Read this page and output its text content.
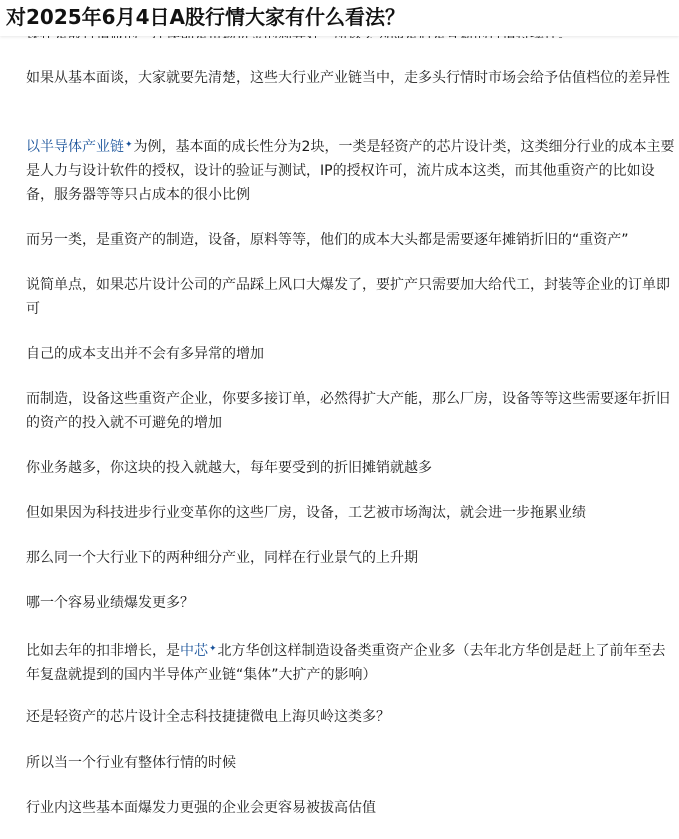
对2025年6月4日A股行情大家有什么看法？
如果从基本面谈，大家就要先清楚，这些大行业产业链当中，走多头行情时市场会给予估值档位的差异性
以半导体产业链✦为例，基本面的成长性分为2块，一类是轻资产的芯片设计类，这类细分行业的成本主要是人力与设计软件的授权，设计的验证与测试，IP的授权许可，流片成本这类，而其他重资产的比如设备，服务器等等只占成本的很小比例
而另一类，是重资产的制造，设备，原料等等，他们的成本大头都是需要逐年摊销折旧的“重资产”
说简单点，如果芯片设计公司的产品踩上风口大爆发了，要扩产只需要加大给代工，封装等企业的订单即可
自己的成本支出并不会有多异常的增加
而制造，设备这些重资产企业，你要多接订单，必然得扩大产能，那么厂房，设备等等这些需要逐年折旧的资产的投入就不可避免的增加
你业务越多，你这块的投入就越大，每年要受到的折旧摊销就越多
但如果因为科技进步行业变革你的这些厂房，设备，工艺被市场淘汰，就会进一步拖累业绩
那么同一个大行业下的两种细分产业，同样在行业景气的上升期
哪一个容易业绩爆发更多？
比如去年的扣非增长，是中芯✦北方华创这样制造设备类重资产企业多（去年北方华创是赶上了前年至去年复盘就提到的国内半导体产业链“集体”大扩产的影响）
还是轻资产的芯片设计全志科技捷捷微电上海贝岭这类多？
所以当一个行业有整体行情的时候
行业内这些基本面爆发力更强的企业会更容易被拔高估值
